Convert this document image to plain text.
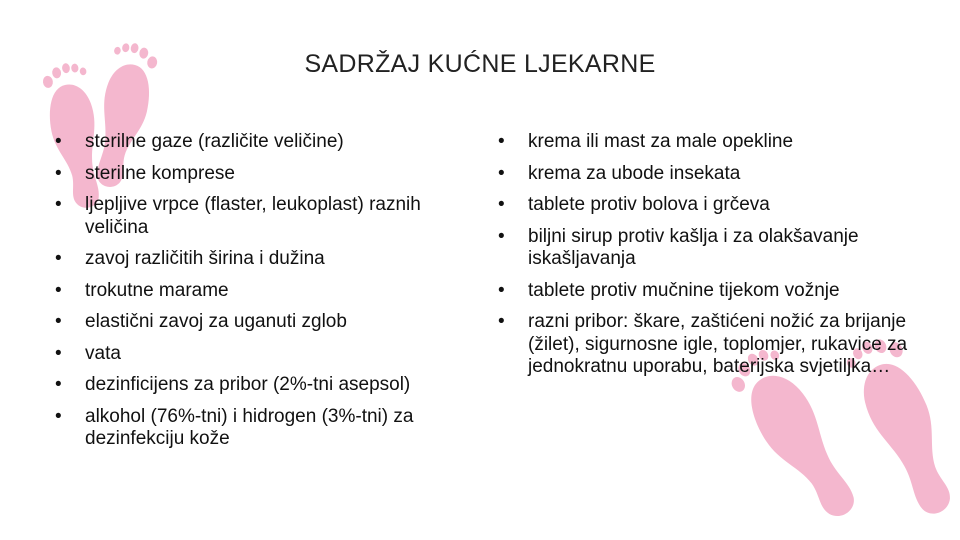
SADRŽAJ KUĆNE LJEKARNE
• sterilne gaze (različite veličine)
• sterilne komprese
• ljepljive vrpce (flaster, leukoplast) raznih veličina
• zavoj različitih širina i dužina
• trokutne marame
• elastični zavoj za uganuti zglob
• vata
• dezinficijens za pribor (2%-tni asepsol)
• alkohol (76%-tni) i hidrogen (3%-tni) za dezinfekciju kože
• krema ili mast za male opekline
• krema za ubode insekata
• tablete protiv bolova i grčeva
• biljni sirup protiv kašlja i za olakšavanje iskašljavanja
• tablete protiv mučnine tijekom vožnje
• razni pribor: škare, zaštićeni nožić za brijanje (žilet), sigurnosne igle, toplomjer, rukavice za jednokratnu uporabu, baterijska svjetiljka…
